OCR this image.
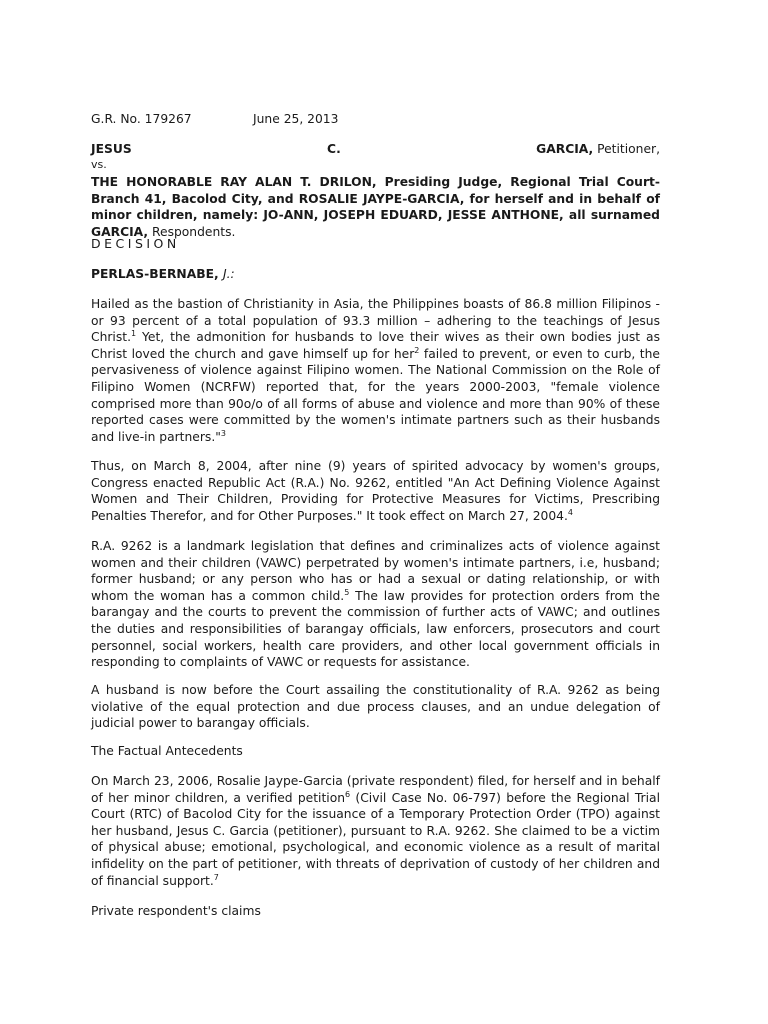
G.R. No. 179267	June 25, 2013
JESUS	C.	GARCIA, Petitioner,
vs.

THE HONORABLE RAY ALAN T. DRILON, Presiding Judge, Regional Trial Court-Branch 41, Bacolod City, and ROSALIE JAYPE-GARCIA, for herself and in behalf of minor children, namely: JO-ANN, JOSEPH EDUARD, JESSE ANTHONE, all surnamed GARCIA, Respondents.

DECISION
PERLAS-BERNABE, J.:

Hailed as the bastion of Christianity in Asia, the Philippines boasts of 86.8 million Filipinos - or 93 percent of a total population of 93.3 million – adhering to the teachings of Jesus Christ.$^1$ Yet, the admonition for husbands to love their wives as their own bodies just as Christ loved the church and gave himself up for her$^2$ failed to prevent, or even to curb, the pervasiveness of violence against Filipino women. The National Commission on the Role of Filipino Women (NCRFW) reported that, for the years 2000-2003, "female violence comprised more than 90o/o of all forms of abuse and violence and more than 90% of these reported cases were committed by the women's intimate partners such as their husbands and live-in partners."$^3$

Thus, on March 8, 2004, after nine (9) years of spirited advocacy by women's groups, Congress enacted Republic Act (R.A.) No. 9262, entitled "An Act Defining Violence Against Women and Their Children, Providing for Protective Measures for Victims, Prescribing Penalties Therefor, and for Other Purposes." It took effect on March 27, 2004.$^4$

R.A. 9262 is a landmark legislation that defines and criminalizes acts of violence against women and their children (VAWC) perpetrated by women's intimate partners, i.e, husband; former husband; or any person who has or had a sexual or dating relationship, or with whom the woman has a common child.$^5$ The law provides for protection orders from the barangay and the courts to prevent the commission of further acts of VAWC; and outlines the duties and responsibilities of barangay officials, law enforcers, prosecutors and court personnel, social workers, health care providers, and other local government officials in responding to complaints of VAWC or requests for assistance.

A husband is now before the Court assailing the constitutionality of R.A. 9262 as being violative of the equal protection and due process clauses, and an undue delegation of judicial power to barangay officials.

The Factual Antecedents

On March 23, 2006, Rosalie Jaype-Garcia (private respondent) filed, for herself and in behalf of her minor children, a verified petition$^6$ (Civil Case No. 06-797) before the Regional Trial Court (RTC) of Bacolod City for the issuance of a Temporary Protection Order (TPO) against her husband, Jesus C. Garcia (petitioner), pursuant to R.A. 9262. She claimed to be a victim of physical abuse; emotional, psychological, and economic violence as a result of marital infidelity on the part of petitioner, with threats of deprivation of custody of her children and of financial support.$^7$

Private respondent's claims
